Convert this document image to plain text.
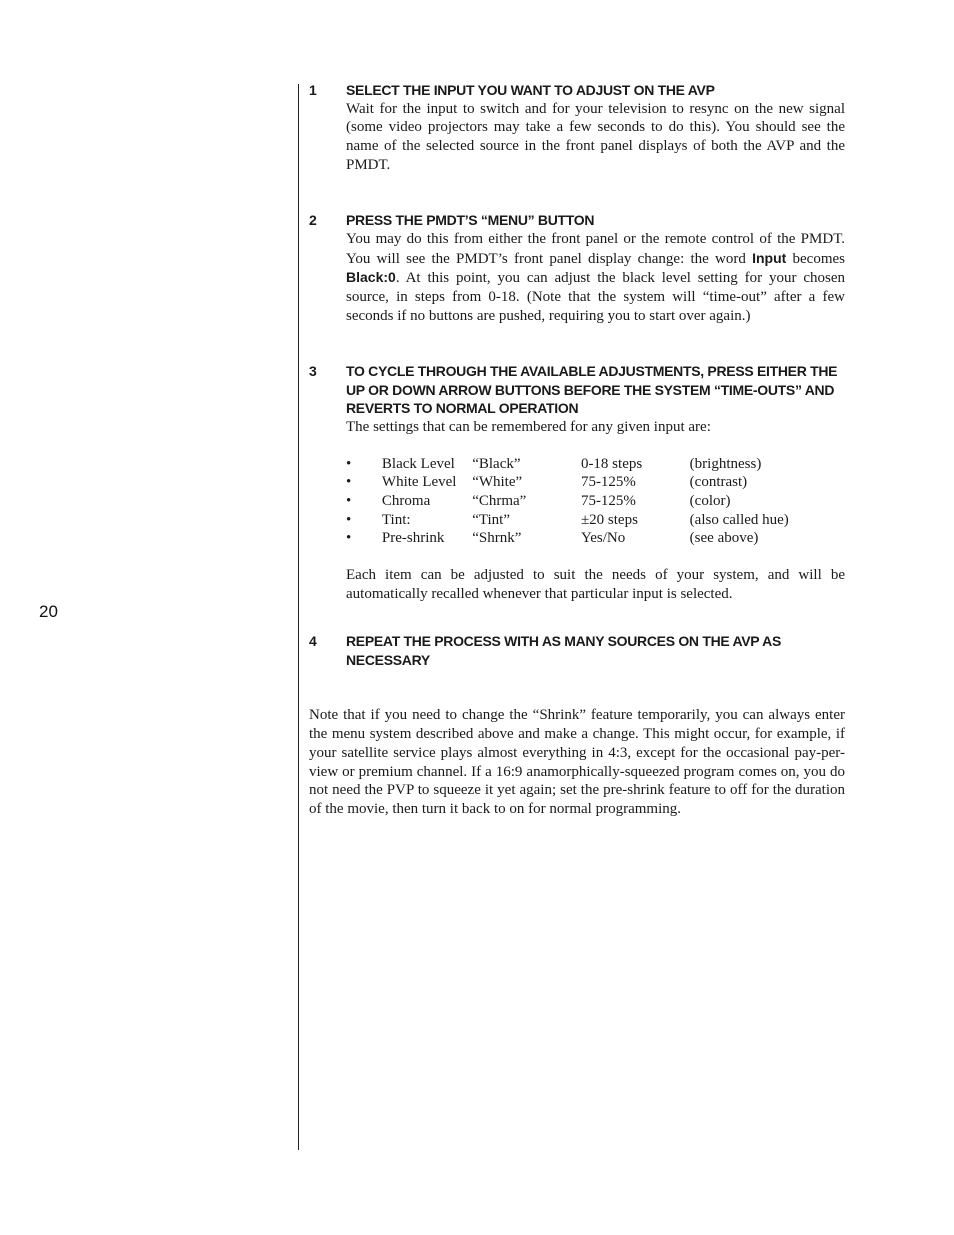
20
1 SELECT THE INPUT YOU WANT TO ADJUST ON THE AVP
Wait for the input to switch and for your television to resync on the new signal (some video projectors may take a few seconds to do this). You should see the name of the selected source in the front panel displays of both the AVP and the PMDT.
2 PRESS THE PMDT’S “MENU” BUTTON
You may do this from either the front panel or the remote control of the PMDT. You will see the PMDT’s front panel display change: the word Input becomes Black:0. At this point, you can adjust the black level setting for your chosen source, in steps from 0-18. (Note that the system will “time-out” after a few seconds if no buttons are pushed, requiring you to start over again.)
3 TO CYCLE THROUGH THE AVAILABLE ADJUSTMENTS, PRESS EITHER THE UP OR DOWN ARROW BUTTONS BEFORE THE SYSTEM “TIME-OUTS” AND REVERTS TO NORMAL OPERATION
The settings that can be remembered for any given input are:
•	Black Level	“Black”	0-18 steps	(brightness)
•	White Level	“White”	75-125%	(contrast)
•	Chroma	“Chrma”	75-125%	(color)
•	Tint:	“Tint”	±20 steps	(also called hue)
•	Pre-shrink	“Shrnk”	Yes/No	(see above)
Each item can be adjusted to suit the needs of your system, and will be automatically recalled whenever that particular input is selected.
4 REPEAT THE PROCESS WITH AS MANY SOURCES ON THE AVP AS NECESSARY
Note that if you need to change the “Shrink” feature temporarily, you can always enter the menu system described above and make a change. This might occur, for example, if your satellite service plays almost everything in 4:3, except for the occasional pay-per-view or premium channel. If a 16:9 anamorphically-squeezed program comes on, you do not need the PVP to squeeze it yet again; set the pre-shrink feature to off for the duration of the movie, then turn it back to on for normal programming.
